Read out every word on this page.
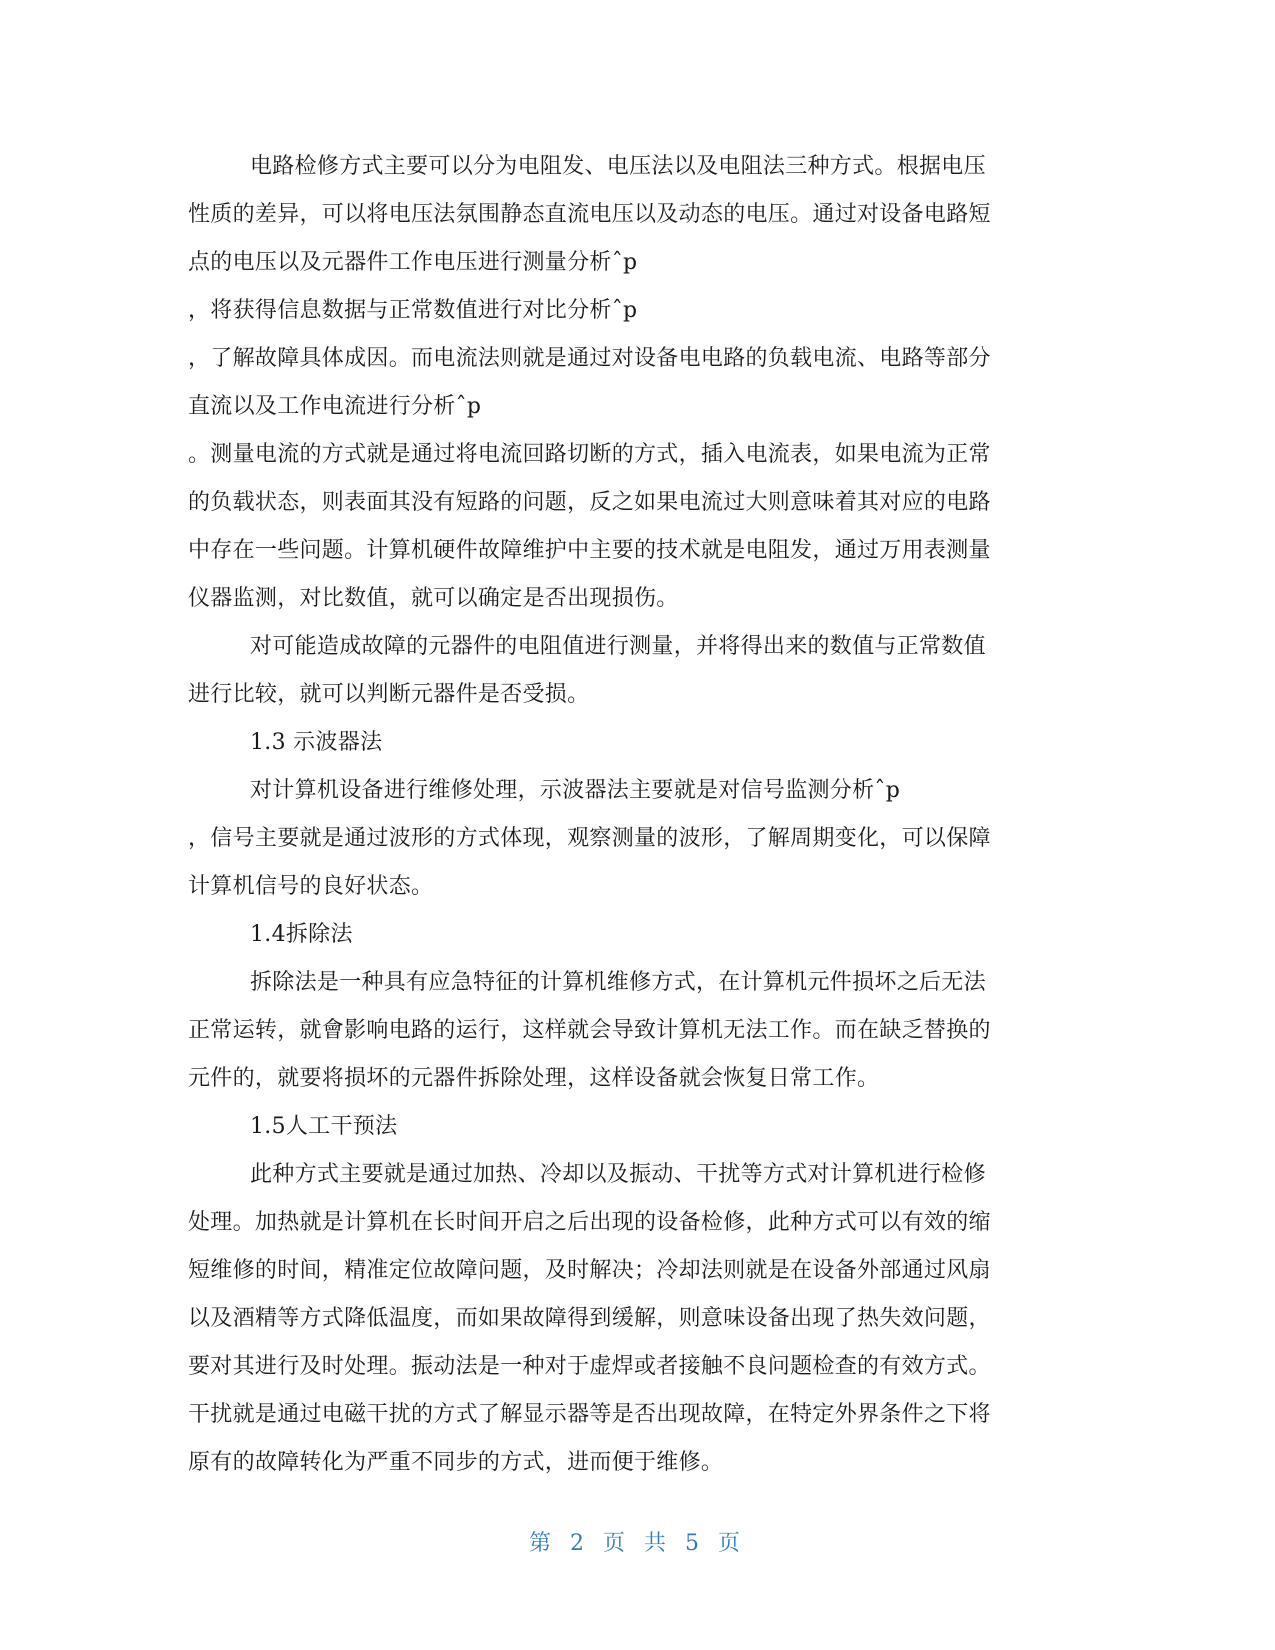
电路检修方式主要可以分为电阻发、电压法以及电阻法三种方式。根据电压
性质的差异，可以将电压法氛围静态直流电压以及动态的电压。通过对设备电路短
点的电压以及元器件工作电压进行测量分析ˆp
，将获得信息数据与正常数值进行对比分析ˆp
，了解故障具体成因。而电流法则就是通过对设备电电路的负载电流、电路等部分
直流以及工作电流进行分析ˆp
。测量电流的方式就是通过将电流回路切断的方式，插入电流表，如果电流为正常
的负载状态，则表面其没有短路的问题，反之如果电流过大则意味着其对应的电路
中存在一些问题。计算机硬件故障维护中主要的技术就是电阻发，通过万用表测量
仪器监测，对比数值，就可以确定是否出现损伤。
对可能造成故障的元器件的电阻值进行测量，并将得出来的数值与正常数值
进行比较，就可以判断元器件是否受损。
1.3 示波器法
对计算机设备进行维修处理，示波器法主要就是对信号监测分析ˆp
，信号主要就是通过波形的方式体现，观察测量的波形，了解周期变化，可以保障
计算机信号的良好状态。
1.4拆除法
拆除法是一种具有应急特征的计算机维修方式，在计算机元件损坏之后无法
正常运转，就會影响电路的运行，这样就会导致计算机无法工作。而在缺乏替换的
元件的，就要将损坏的元器件拆除处理，这样设备就会恢复日常工作。
1.5人工干预法
此种方式主要就是通过加热、冷却以及振动、干扰等方式对计算机进行检修
处理。加热就是计算机在长时间开启之后出现的设备检修，此种方式可以有效的缩
短维修的时间，精准定位故障问题，及时解决；冷却法则就是在设备外部通过风扇
以及酒精等方式降低温度，而如果故障得到缓解，则意味设备出现了热失效问题，
要对其进行及时处理。振动法是一种对于虚焊或者接触不良问题检查的有效方式。
干扰就是通过电磁干扰的方式了解显示器等是否出现故障，在特定外界条件之下将
原有的故障转化为严重不同步的方式，进而便于维修。
第 2 页 共 5 页
